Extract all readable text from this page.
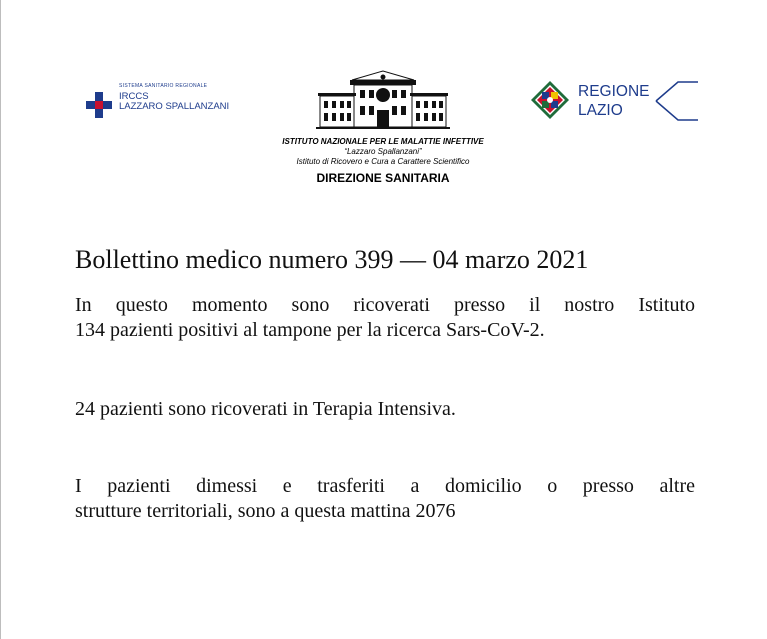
SISTEMA SANITARIO REGIONALE
IRCCS
LAZZARO SPALLANZANI
ISTITUTO NAZIONALE PER LE MALATTIE INFETTIVE
“Lazzaro Spallanzani”
Istituto di Ricovero e Cura a Carattere Scientifico
DIREZIONE SANITARIA
REGIONE
LAZIO
Bollettino medico numero 399 — 04 marzo 2021

In questo momento sono ricoverati presso il nostro Istituto
134 pazienti positivi al tampone per la ricerca Sars-CoV-2.

24 pazienti sono ricoverati in Terapia Intensiva.

I pazienti dimessi e trasferiti a domicilio o presso altre
strutture territoriali, sono a questa mattina 2076
